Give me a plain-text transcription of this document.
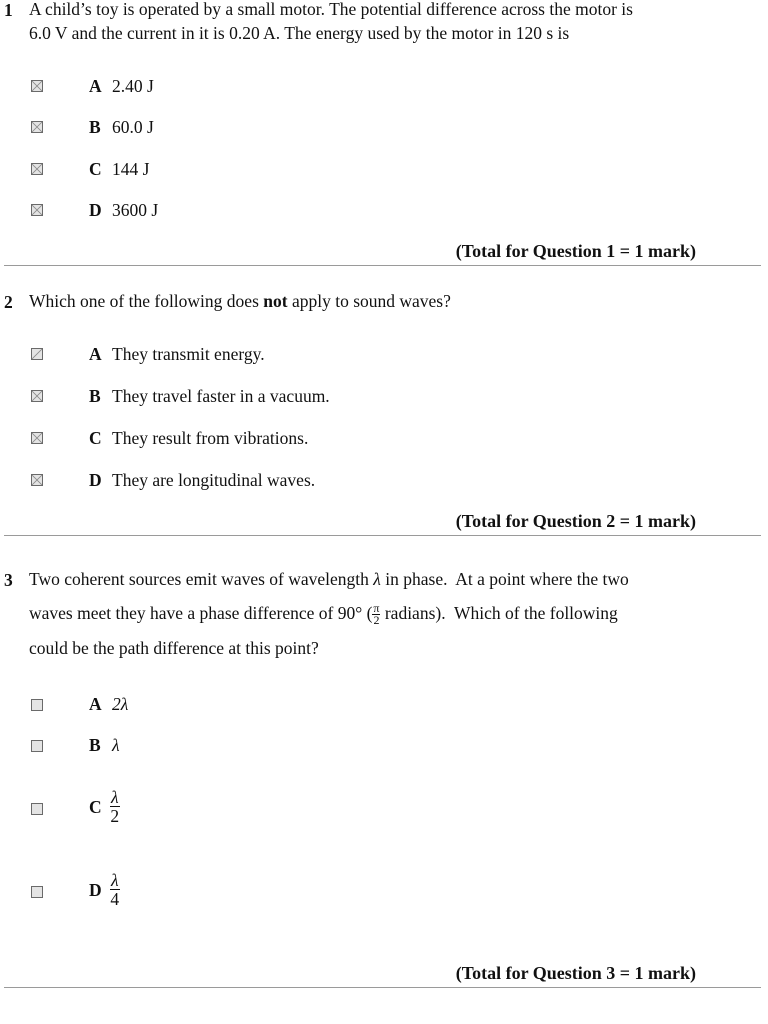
1 A child’s toy is operated by a small motor. The potential difference across the motor is
6.0 V and the current in it is 0.20 A. The energy used by the motor in 120 s is
A 2.40 J
B 60.0 J
C 144 J
D 3600 J
(Total for Question 1 = 1 mark)
2 Which one of the following does not apply to sound waves?
A They transmit energy.
B They travel faster in a vacuum.
C They result from vibrations.
D They are longitudinal waves.
(Total for Question 2 = 1 mark)
3 Two coherent sources emit waves of wavelength λ in phase.  At a point where the two
waves meet they have a phase difference of 90° ( $\frac{\pi}{2}$ radians).  Which of the following
could be the path difference at this point?
A 2λ
B λ
C $\frac{\lambda}{2}$
D $\frac{\lambda}{4}$
(Total for Question 3 = 1 mark)
